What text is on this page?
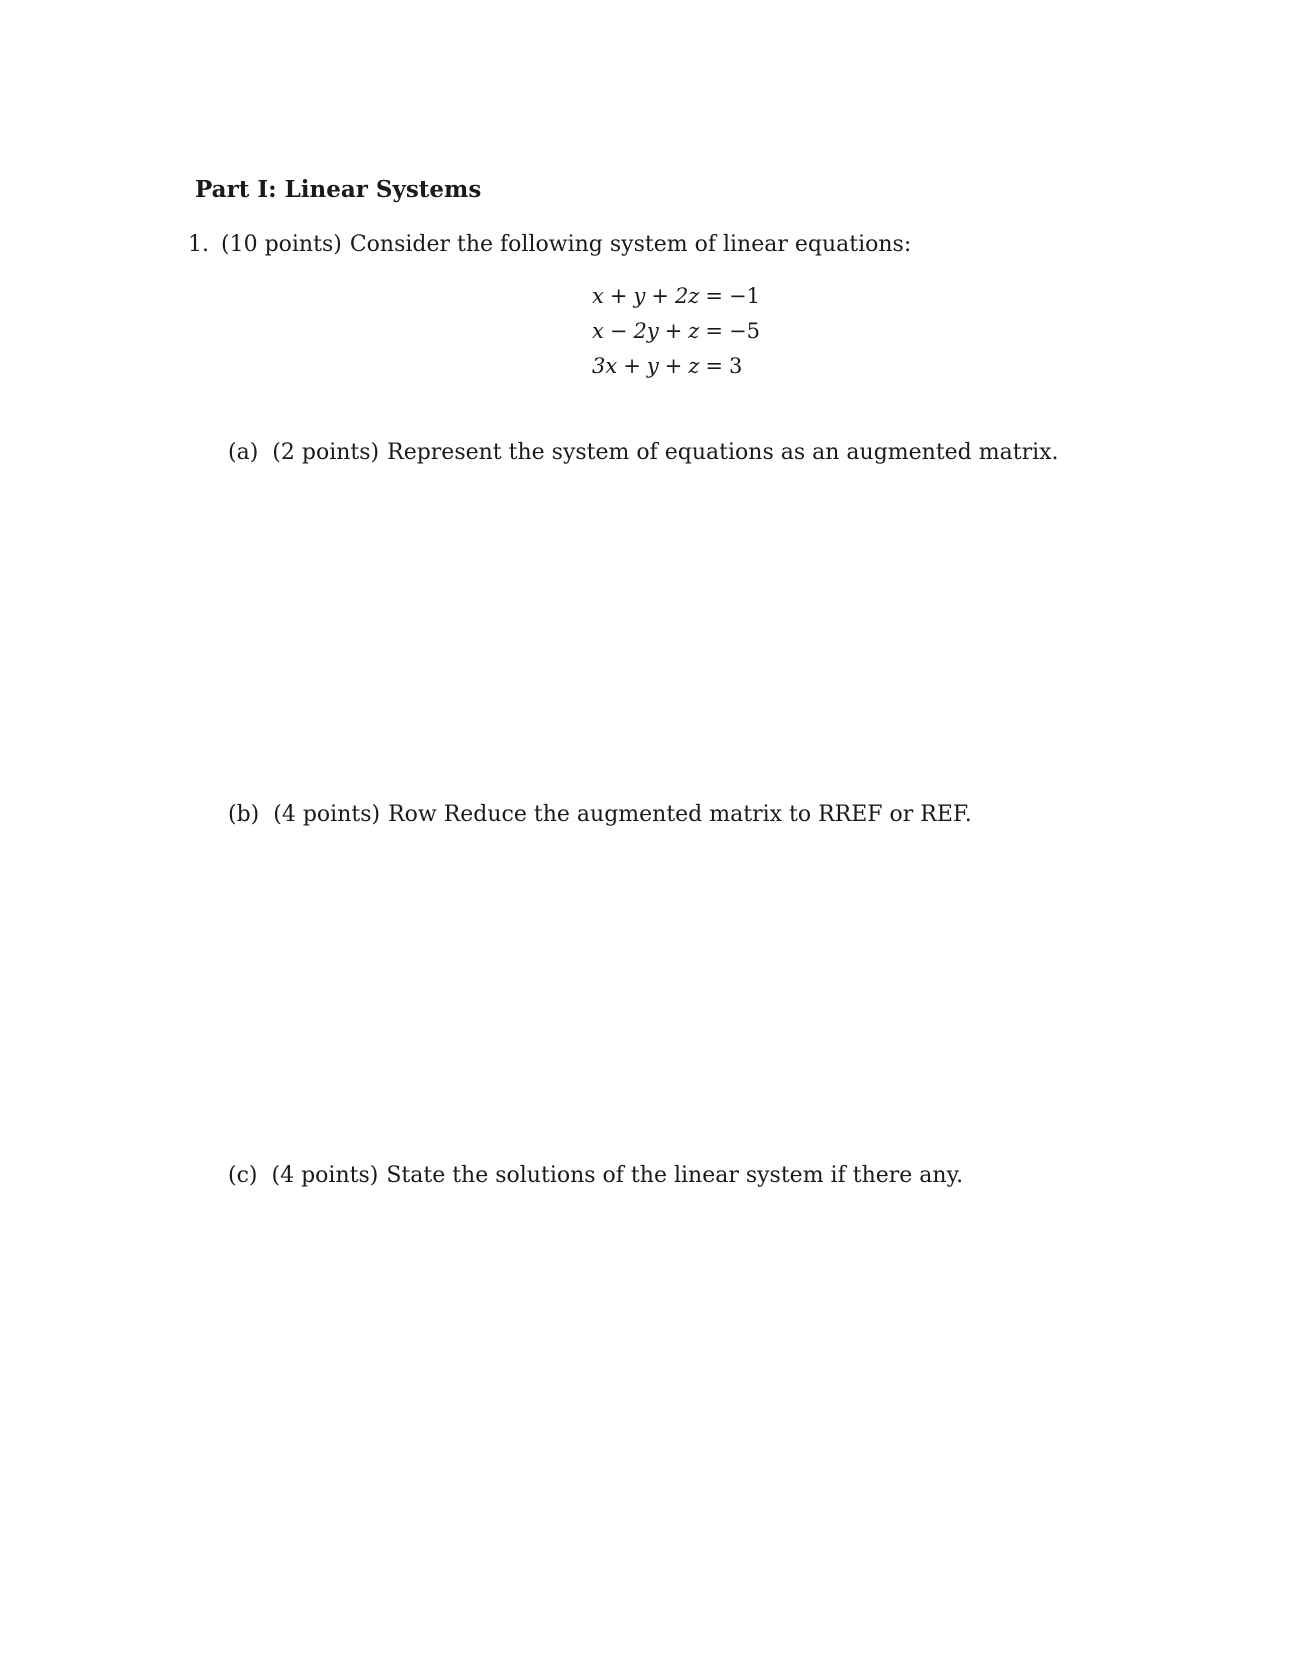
Part I: Linear Systems
1. (10 points) Consider the following system of linear equations:
x + y + 2z = −1
x − 2y + z = −5
3x + y + z = 3
(a) (2 points) Represent the system of equations as an augmented matrix.
(b) (4 points) Row Reduce the augmented matrix to RREF or REF.
(c) (4 points) State the solutions of the linear system if there any.
